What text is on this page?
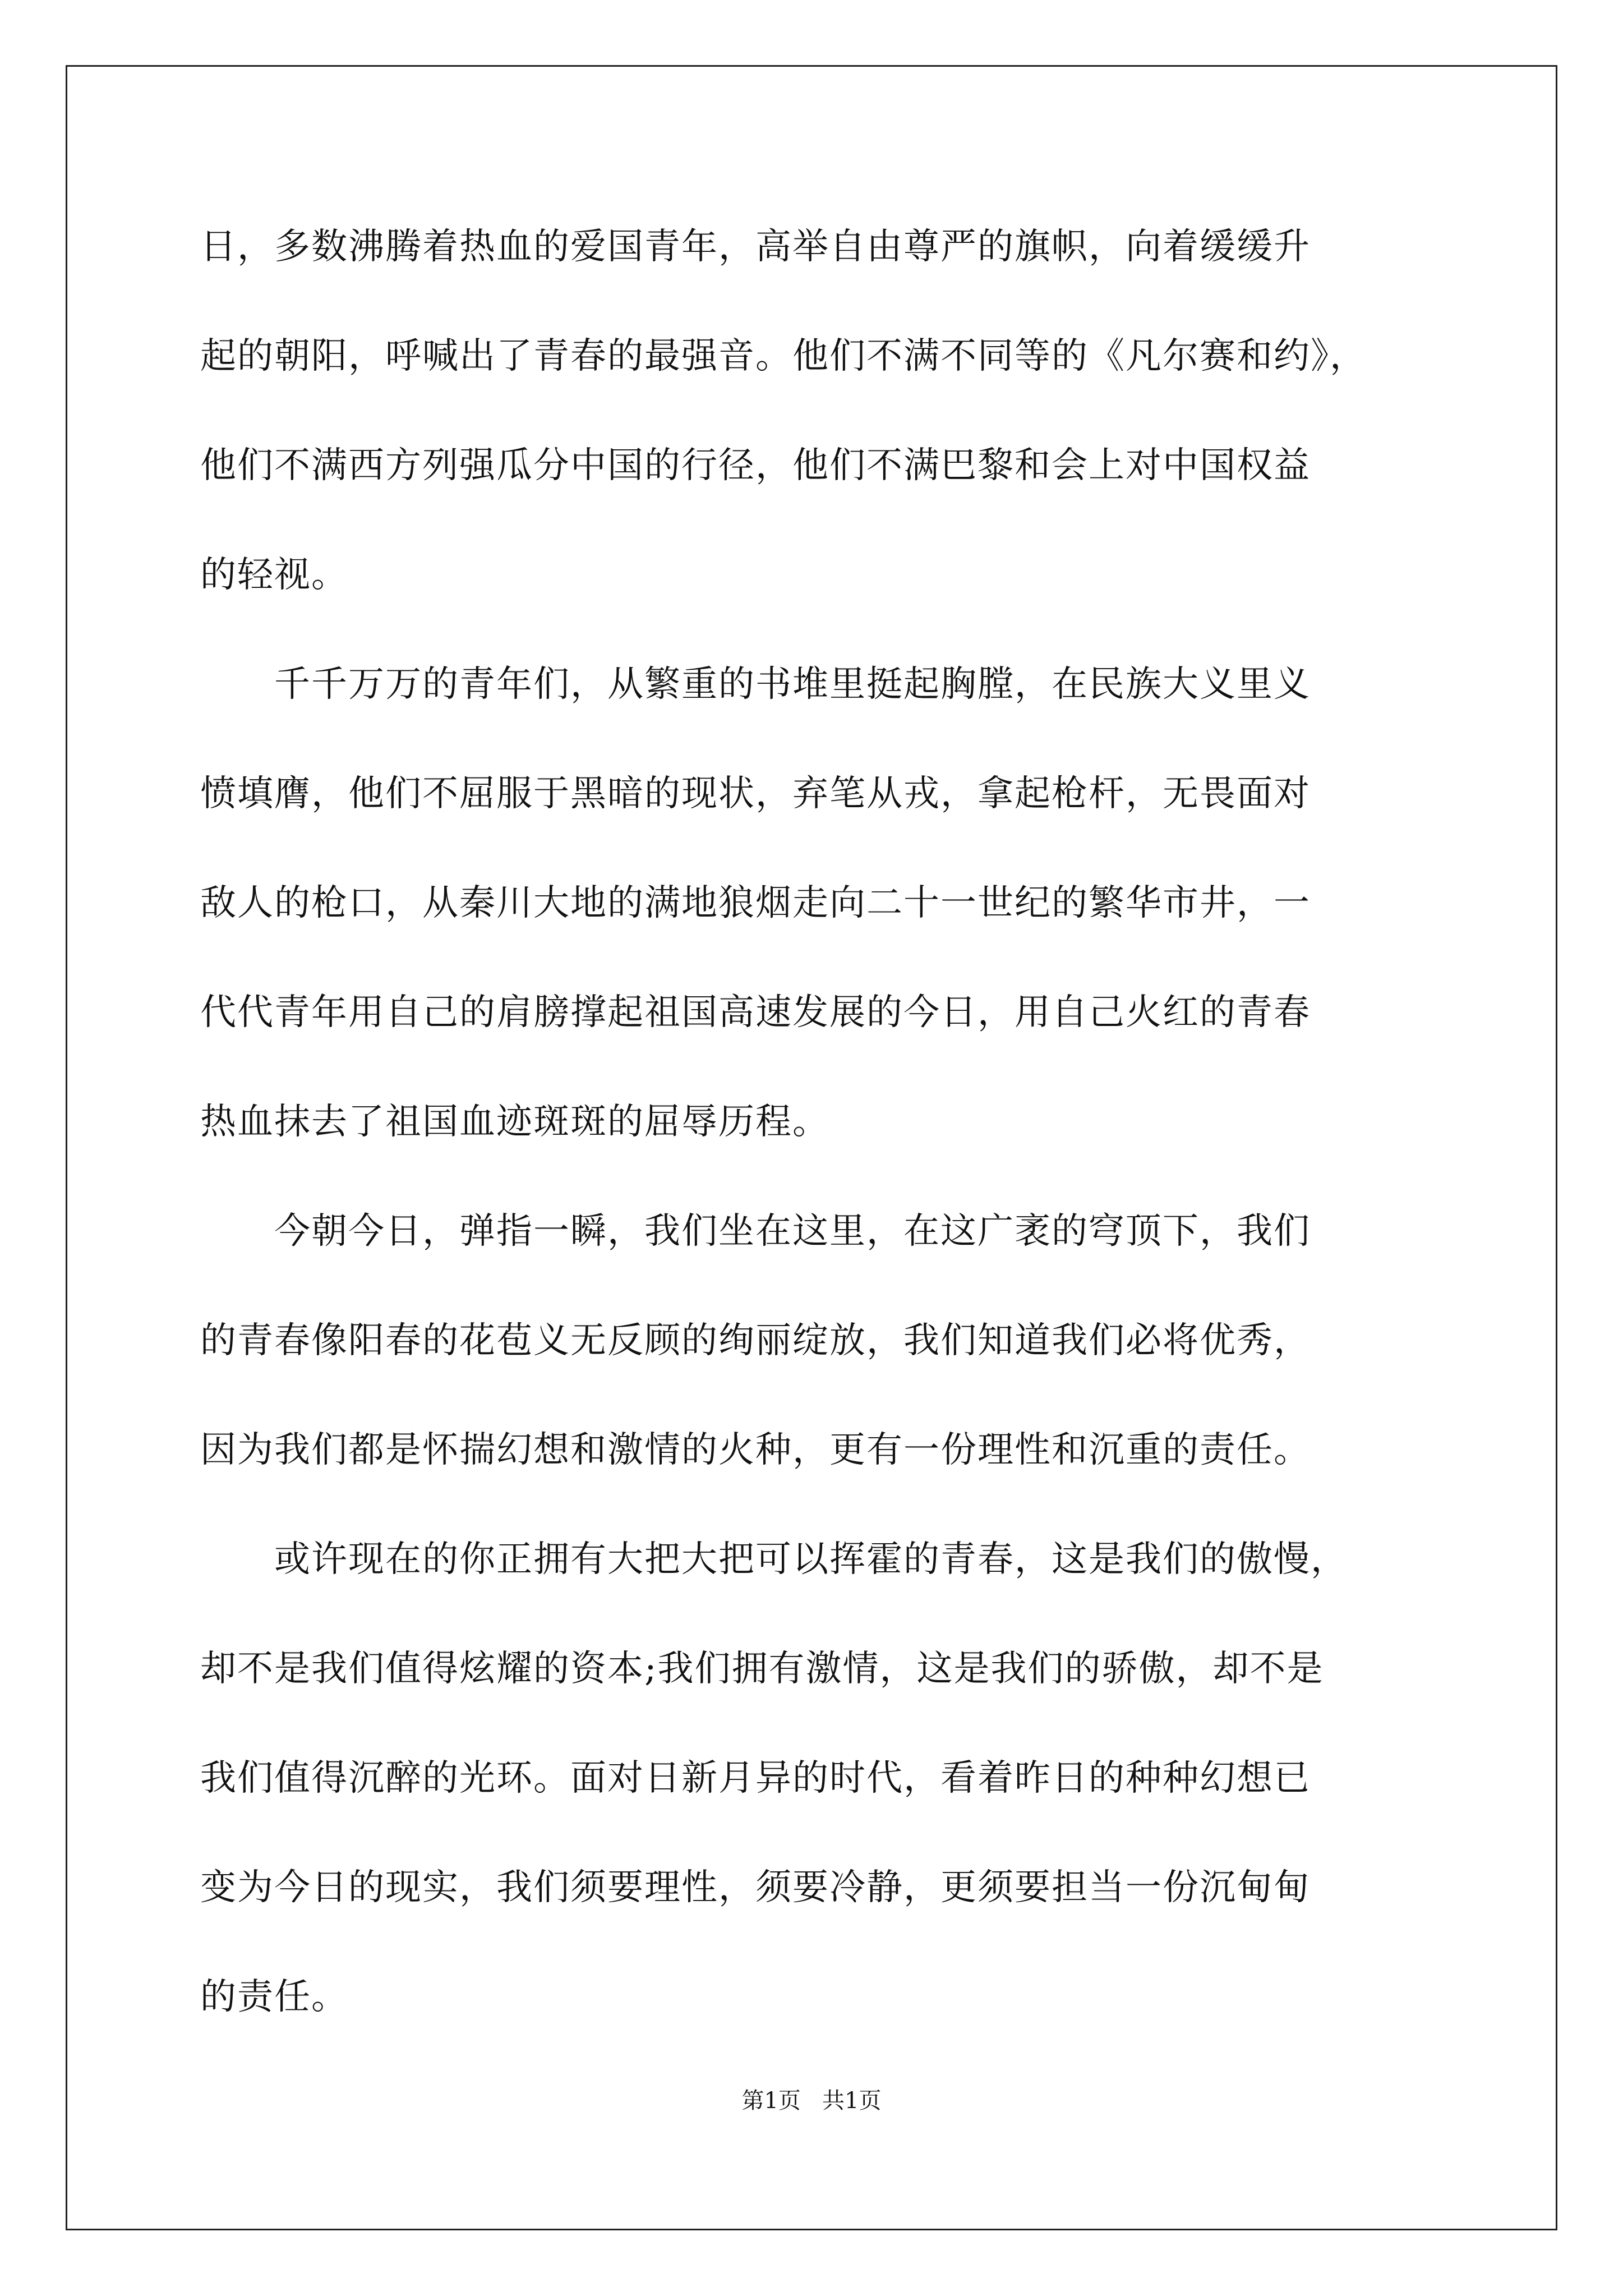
日，多数沸腾着热血的爱国青年，高举自由尊严的旗帜，向着缓缓升
起的朝阳，呼喊出了青春的最强音。他们不满不同等的《凡尔赛和约》，
他们不满西方列强瓜分中国的行径，他们不满巴黎和会上对中国权益
的轻视。
　　千千万万的青年们，从繁重的书堆里挺起胸膛，在民族大义里义
愤填膺，他们不屈服于黑暗的现状，弃笔从戎，拿起枪杆，无畏面对
敌人的枪口，从秦川大地的满地狼烟走向二十一世纪的繁华市井，一
代代青年用自己的肩膀撑起祖国高速发展的今日，用自己火红的青春
热血抹去了祖国血迹斑斑的屈辱历程。
　　今朝今日，弹指一瞬，我们坐在这里，在这广袤的穹顶下，我们
的青春像阳春的花苞义无反顾的绚丽绽放，我们知道我们必将优秀，
因为我们都是怀揣幻想和激情的火种，更有一份理性和沉重的责任。
　　或许现在的你正拥有大把大把可以挥霍的青春，这是我们的傲慢，
却不是我们值得炫耀的资本;我们拥有激情，这是我们的骄傲，却不是
我们值得沉醉的光环。面对日新月异的时代，看着昨日的种种幻想已
变为今日的现实，我们须要理性，须要冷静，更须要担当一份沉甸甸
的责任。
第1页   共1页
